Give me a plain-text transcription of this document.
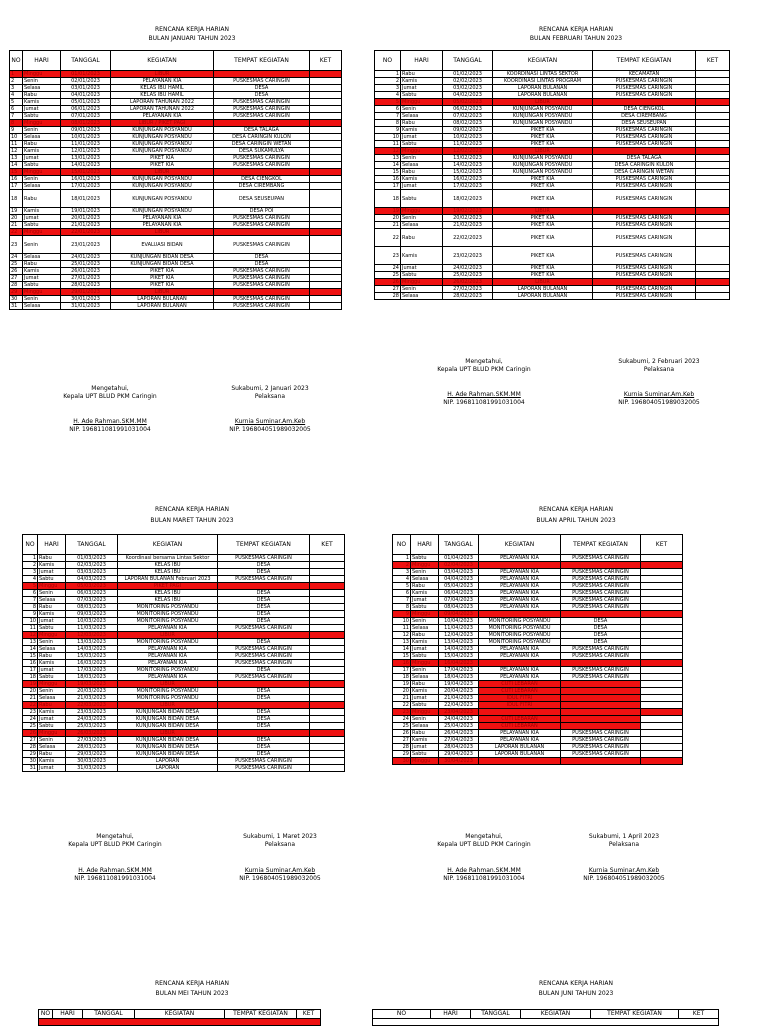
RENCANA KERJA HARIAN
BULAN JANUARI TAHUN 2023
NO	HARI	TANGGAL	KEGIATAN	TEMPAT KEGIATAN	KET
1	Minggu	01/01/2023	LIBUR		
2	Senin	02/01/2023	PELAYANAN KIA	PUSKESMAS CARINGIN	
3	Selasa	03/01/2023	KELAS IBU HAMIL	DESA	
4	Rabu	04/01/2023	KELAS IBU HAMIL	DESA	
5	Kamis	05/01/2023	LAPORAN TAHUNAN 2022	PUSKESMAS CARINGIN	
6	Jumat	06/01/2023	LAPORAN TAHUNAN 2022	PUSKESMAS CARINGIN	
7	Sabtu	07/01/2023	PELAYANAN KIA	PUSKESMAS CARINGIN	
8	Minggu	08/01/2023	LIBUR / PIKET PAGI		
9	Senin	09/01/2023	KUNJUNGAN POSYANDU	DESA TALAGA	
10	Selasa	10/01/2023	KUNJUNGAN POSYANDU	DESA CARINGIN KULON	
11	Rabu	11/01/2023	KUNJUNGAN POSYANDU	DESA CARINGIN WETAN	
12	Kamis	12/01/2023	KUNJUNGAN POSYANDU	DESA SUKAMULYA	
13	Jumat	13/01/2023	PIKET KIA	PUSKESMAS CARINGIN	
14	Sabtu	14/01/2023	PIKET KIA	PUSKESMAS CARINGIN	
15	Minggu	15/01/2023	LIBUR		
16	Senin	16/01/2023	KUNJUNGAN POSYANDU	DESA CIENGKOL	
17	Selasa	17/01/2023	KUNJUNGAN POSYANDU	DESA CIREMBANG	
18	Rabu	18/01/2023	KUNJUNGAN POSYANDU	DESA SEUSEUPAN	
19	Kamis	19/01/2023	KUNJUNGAN POSYANDU	DESA POI	
20	Jumat	20/01/2023	PELAYANAN KIA	PUSKESMAS CARINGIN	
21	Sabtu	21/01/2023	PELAYANAN KIA	PUSKESMAS CARINGIN	
22	Minggu	22/01/2023	LIBUR		
23	Senin	23/01/2023	EVALUASI BIDAN	PUSKESMAS CARINGIN	
24	Selasa	24/01/2023	KUNJUNGAN BIDAN DESA	DESA	
25	Rabu	25/01/2023	KUNJUNGAN BIDAN DESA	DESA	
26	Kamis	26/01/2023	PIKET KIA	PUSKESMAS CARINGIN	
27	Jumat	27/01/2023	PIKET KIA	PUSKESMAS CARINGIN	
28	Sabtu	28/01/2023	PIKET KIA	PUSKESMAS CARINGIN	
29	Minggu	29/01/2023	LIBUR		
30	Senin	30/01/2023	LAPORAN BULANAN	PUSKESMAS CARINGIN	
31	Selasa	31/01/2023	LAPORAN BULANAN	PUSKESMAS CARINGIN	
Mengetahui,
Kepala UPT BLUD PKM Caringin
H. Ade Rahman.SKM.MM
NIP. 196811081991031004
Sukabumi, 2 Januari 2023
Pelaksana
Kurnia Suminar.Am.Keb
NIP. 196804051989032005
RENCANA KERJA HARIAN
BULAN FEBRUARI TAHUN 2023
NO	HARI	TANGGAL	KEGIATAN	TEMPAT KEGIATAN	KET
1	Rabu	01/02/2023	KOORDINASI LINTAS SEKTOR	KECAMATAN	
2	Kamis	02/02/2023	KOORDINASI LINTAS PROGRAM	PUSKESMAS CARINGIN	
3	Jumat	03/02/2023	LAPORAN BULANAN	PUSKESMAS CARINGIN	
4	Sabtu	04/02/2023	LAPORAN BULANAN	PUSKESMAS CARINGIN	
5	Minggu	05/02/2023	LIBUR		
6	Senin	06/02/2023	KUNJUNGAN POSYANDU	DESA CIENGKOL	
7	Selasa	07/02/2023	KUNJUNGAN POSYANDU	DESA CIREMBANG	
8	Rabu	08/02/2023	KUNJUNGAN POSYANDU	DESA SEUSEUPAN	
9	Kamis	09/02/2023	PIKET KIA	PUSKESMAS CARINGIN	
10	Jumat	10/02/2023	PIKET KIA	PUSKESMAS CARINGIN	
11	Sabtu	11/02/2023	PIKET KIA	PUSKESMAS CARINGIN	
12	Minggu	12/02/2023	LIBUR		
13	Senin	13/02/2023	KUNJUNGAN POSYANDU	DESA TALAGA	
14	Selasa	14/02/2023	KUNJUNGAN POSYANDU	DESA CARINGIN KULON	
15	Rabu	15/02/2023	KUNJUNGAN POSYANDU	DESA CARINGIN WETAN	
16	Kamis	16/02/2023	PIKET KIA	PUSKESMAS CARINGIN	
17	Jumat	17/02/2023	PIKET KIA	PUSKESMAS CARINGIN	
18	Sabtu	18/02/2023	PIKET KIA	PUSKESMAS CARINGIN	
19	Minggu	19/02/2023	LIBUR		
20	Senin	20/02/2023	PIKET KIA	PUSKESMAS CARINGIN	
21	Selasa	21/02/2023	PIKET KIA	PUSKESMAS CARINGIN	
22	Rabu	22/02/2023	PIKET KIA	PUSKESMAS CARINGIN	
23	Kamis	23/02/2023	PIKET KIA	PUSKESMAS CARINGIN	
24	Jumat	24/02/2023	PIKET KIA	PUSKESMAS CARINGIN	
25	Sabtu	25/02/2023	PIKET KIA	PUSKESMAS CARINGIN	
26	Minggu	26/02/2023	LIBUR		
27	Senin	27/02/2023	LAPORAN BULANAN	PUSKESMAS CARINGIN	
28	Selasa	28/02/2023	LAPORAN BULANAN	PUSKESMAS CARINGIN	
Mengetahui,
Kepala UPT BLUD PKM Caringin
H. Ade Rahman.SKM.MM
NIP. 196811081991031004
Sukabumi, 2 Februari 2023
Pelaksana
Kurnia Suminar.Am.Keb
NIP. 196804051989032005
RENCANA KERJA HARIAN
BULAN MARET TAHUN 2023
NO	HARI	TANGGAL	KEGIATAN	TEMPAT KEGIATAN	KET
1	Rabu	01/03/2023	Koordinasi bersama Lintas Sektor	PUSKESMAS CARINGIN	
2	Kamis	02/03/2023	KELAS IBU	DESA	
3	Jumat	03/03/2023	KELAS IBU	DESA	
4	Sabtu	04/03/2023	LAPORAN BULANAN Februari 2023	PUSKESMAS CARINGIN	
5	Minggu	05/03/2023	PIKET PAGI		
6	Senin	06/03/2023	KELAS IBU	DESA	
7	Selasa	07/03/2023	KELAS IBU	DESA	
8	Rabu	08/03/2023	MONITORING POSYANDU	DESA	
9	Kamis	09/03/2023	MONITORING POSYANDU	DESA	
10	Jumat	10/03/2023	MONITORING POSYANDU	DESA	
11	Sabtu	11/03/2023	PELAYANAN KIA	PUSKESMAS CARINGIN	
12	Minggu	12/03/2023	LIBUR		
13	Senin	13/03/2023	MONITORING POSYANDU	DESA	
14	Selasa	14/03/2023	PELAYANAN KIA	PUSKESMAS CARINGIN	
15	Rabu	15/03/2023	PELAYANAN KIA	PUSKESMAS CARINGIN	
16	Kamis	16/03/2023	PELAYANAN KIA	PUSKESMAS CARINGIN	
17	Jumat	17/03/2023	MONITORING POSYANDU	DESA	
18	Sabtu	18/03/2023	PELAYANAN KIA	PUSKESMAS CARINGIN	
19	Minggu	19/03/2023	LIBUR		
20	Senin	20/03/2023	MONITORING POSYANDU	DESA	
21	Selasa	21/03/2023	MONITORING POSYANDU	DESA	
22	Rabu	22/03/2023	LIBUR		
23	Kamis	23/03/2023	KUNJUNGAN BIDAN DESA	DESA	
24	Jumat	24/03/2023	KUNJUNGAN BIDAN DESA	DESA	
25	Sabtu	25/03/2023	KUNJUNGAN BIDAN DESA	DESA	
26	Minggu	26/03/2023	LIBUR		
27	Senin	27/03/2023	KUNJUNGAN BIDAN DESA	DESA	
28	Selasa	28/03/2023	KUNJUNGAN BIDAN DESA	DESA	
29	Rabu	29/03/2023	KUNJUNGAN BIDAN DESA	DESA	
30	Kamis	30/03/2023	LAPORAN	PUSKESMAS CARINGIN	
31	Jumat	31/03/2023	LAPORAN	PUSKESMAS CARINGIN	
Mengetahui,
Kepala UPT BLUD PKM Caringin
H. Ade Rahman.SKM.MM
NIP. 196811081991031004
Sukabumi, 1 Maret 2023
Pelaksana
Kurnia Suminar.Am.Keb
NIP. 196804051989032005
RENCANA KERJA HARIAN
BULAN APRIL TAHUN 2023
NO	HARI	TANGGAL	KEGIATAN	TEMPAT KEGIATAN	KET
1	Sabtu	01/04/2023	PELAYANAN KIA	PUSKESMAS CARINGIN	
2	Minggu	02/04/2023			
3	Senin	03/04/2023	PELAYANAN KIA	PUSKESMAS CARINGIN	
4	Selasa	04/04/2023	PELAYANAN KIA	PUSKESMAS CARINGIN	
5	Rabu	05/04/2023	PELAYANAN KIA	PUSKESMAS CARINGIN	
6	Kamis	06/04/2023	PELAYANAN KIA	PUSKESMAS CARINGIN	
7	Jumat	07/04/2023	PELAYANAN KIA	PUSKESMAS CARINGIN	
8	Sabtu	08/04/2023	PELAYANAN KIA	PUSKESMAS CARINGIN	
9	Minggu	09/04/2023			
10	Senin	10/04/2023	MONITORING POSYANDU	DESA	
11	Selasa	11/04/2023	MONITORING POSYANDU	DESA	
12	Rabu	12/04/2023	MONITORING POSYANDU	DESA	
13	Kamis	13/04/2023	MONITORING POSYANDU	DESA	
14	Jumat	14/04/2023	PELAYANAN KIA	PUSKESMAS CARINGIN	
15	Sabtu	15/04/2023	PELAYANAN KIA	PUSKESMAS CARINGIN	
16	Minggu	16/04/2023			
17	Senin	17/04/2023	PELAYANAN KIA	PUSKESMAS CARINGIN	
18	Selasa	18/04/2023	PELAYANAN KIA	PUSKESMAS CARINGIN	
19	Rabu	19/04/2023	CUTI LEBARAN		
20	Kamis	20/04/2023	CUTI LEBARAN		
21	Jumat	21/04/2023	IDUL FITRI		
22	Sabtu	22/04/2023	IDUL FITRI		
23	Minggu	23/04/2023			
24	Senin	24/04/2023	CUTI LEBARAN		
25	Selasa	25/04/2023	CUTI LEBARAN		
26	Rabu	26/04/2023	PELAYANAN KIA	PUSKESMAS CARINGIN	
27	Kamis	27/04/2023	PELAYANAN KIA	PUSKESMAS CARINGIN	
28	Jumat	28/04/2023	LAPORAN BULANAN	PUSKESMAS CARINGIN	
29	Sabtu	29/04/2023	LAPORAN BULANAN	PUSKESMAS CARINGIN	
30	Minggu	30/04/2023			
Mengetahui,
Kepala UPT BLUD PKM Caringin
H. Ade Rahman.SKM.MM
NIP. 196811081991031004
Sukabumi, 1 April 2023
Pelaksana
Kurnia Suminar.Am.Keb
NIP. 196804051989032005
RENCANA KERJA HARIAN
BULAN MEI TAHUN 2023
NO	HARI	TANGGAL	KEGIATAN	TEMPAT KEGIATAN	KET

RENCANA KERJA HARIAN
BULAN JUNI TAHUN 2023
NO	HARI	TANGGAL	KEGIATAN	TEMPAT KEGIATAN	KET
